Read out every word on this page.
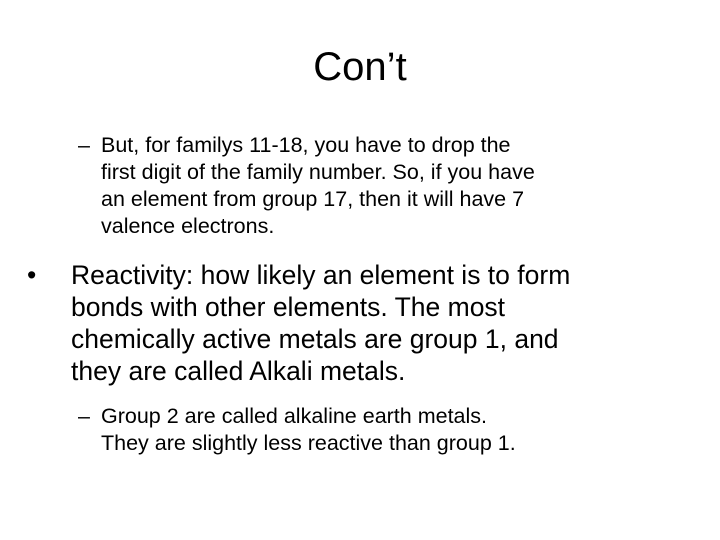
Con’t
– But, for familys 11-18, you have to drop the
first digit of the family number. So, if you have
an element from group 17, then it will have 7
valence electrons.
• Reactivity: how likely an element is to form
bonds with other elements. The most
chemically active metals are group 1, and
they are called Alkali metals.
– Group 2 are called alkaline earth metals.
They are slightly less reactive than group 1.
